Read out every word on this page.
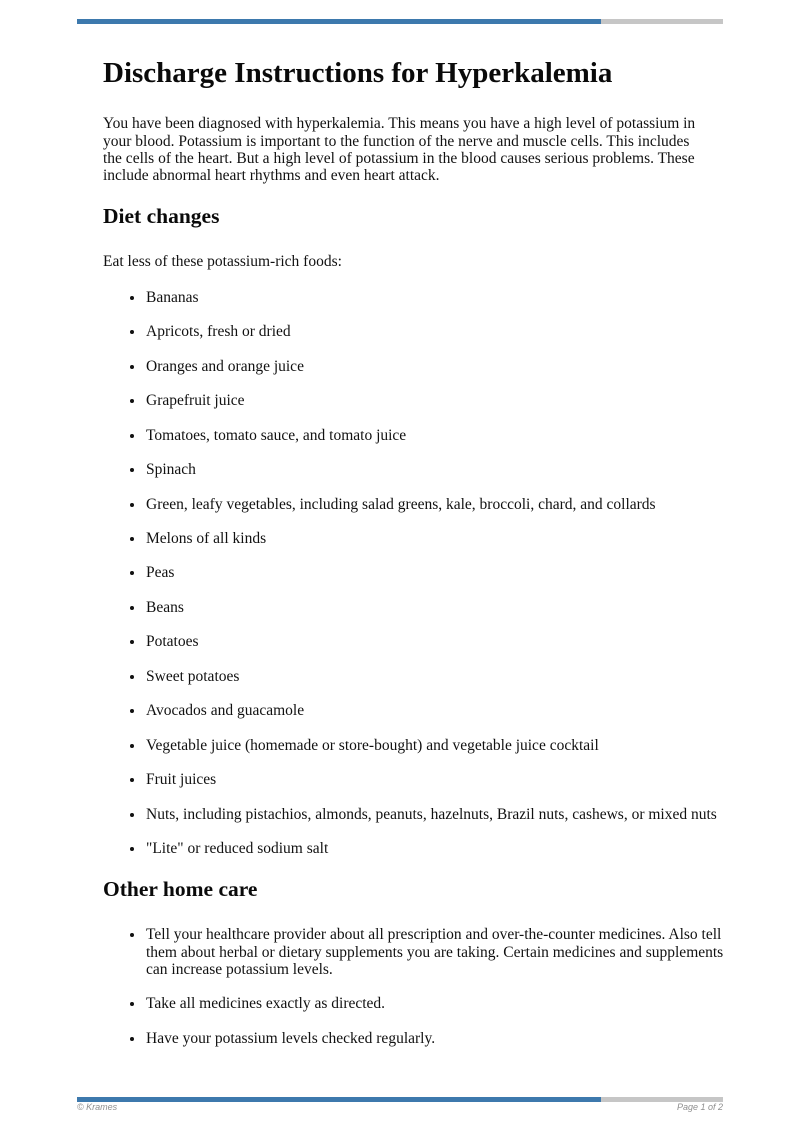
Discharge Instructions for Hyperkalemia

You have been diagnosed with hyperkalemia. This means you have a high level of potassium in your blood. Potassium is important to the function of the nerve and muscle cells. This includes the cells of the heart. But a high level of potassium in the blood causes serious problems. These include abnormal heart rhythms and even heart attack.

Diet changes

Eat less of these potassium-rich foods:

• Bananas
• Apricots, fresh or dried
• Oranges and orange juice
• Grapefruit juice
• Tomatoes, tomato sauce, and tomato juice
• Spinach
• Green, leafy vegetables, including salad greens, kale, broccoli, chard, and collards
• Melons of all kinds
• Peas
• Beans
• Potatoes
• Sweet potatoes
• Avocados and guacamole
• Vegetable juice (homemade or store-bought) and vegetable juice cocktail
• Fruit juices
• Nuts, including pistachios, almonds, peanuts, hazelnuts, Brazil nuts, cashews, or mixed nuts
• "Lite" or reduced sodium salt
Other home care
• Tell your healthcare provider about all prescription and over-the-counter medicines. Also tell them about herbal or dietary supplements you are taking. Certain medicines and supplements can increase potassium levels.
• Take all medicines exactly as directed.
• Have your potassium levels checked regularly.
© Krames	Page 1 of 2
